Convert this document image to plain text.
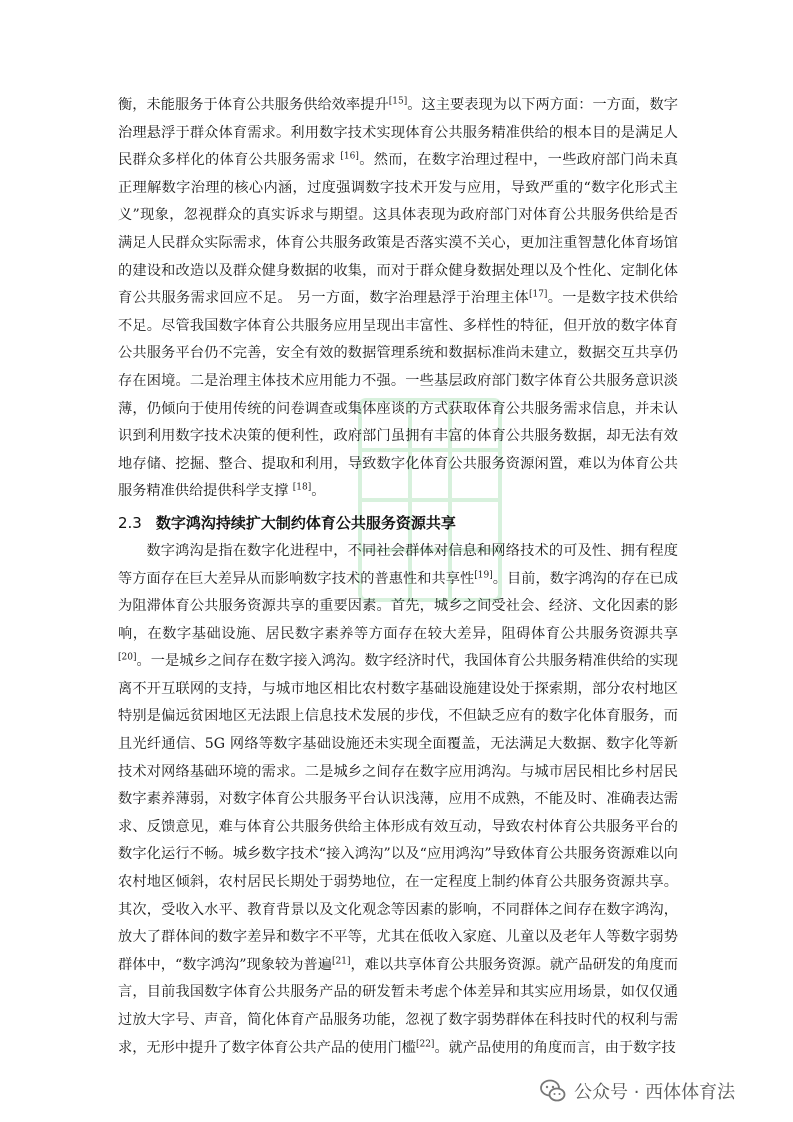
衡，未能服务于体育公共服务供给效率提升[15]。这主要表现为以下两方面：一方面，数字治理悬浮于群众体育需求。利用数字技术实现体育公共服务精准供给的根本目的是满足人民群众多样化的体育公共服务需求 [16]。然而，在数字治理过程中，一些政府部门尚未真正理解数字治理的核心内涵，过度强调数字技术开发与应用，导致严重的“数字化形式主义”现象，忽视群众的真实诉求与期望。这具体表现为政府部门对体育公共服务供给是否满足人民群众实际需求，体育公共服务政策是否落实漠不关心，更加注重智慧化体育场馆的建设和改造以及群众健身数据的收集，而对于群众健身数据处理以及个性化、定制化体育公共服务需求回应不足。 另一方面，数字治理悬浮于治理主体[17]。一是数字技术供给不足。尽管我国数字体育公共服务应用呈现出丰富性、多样性的特征，但开放的数字体育公共服务平台仍不完善，安全有效的数据管理系统和数据标准尚未建立，数据交互共享仍存在困境。二是治理主体技术应用能力不强。一些基层政府部门数字体育公共服务意识淡薄，仍倾向于使用传统的问卷调查或集体座谈的方式获取体育公共服务需求信息，并未认识到利用数字技术决策的便利性，政府部门虽拥有丰富的体育公共服务数据，却无法有效地存储、挖掘、整合、提取和利用，导致数字化体育公共服务资源闲置，难以为体育公共服务精准供给提供科学支撑 [18]。

2.3 数字鸿沟持续扩大制约体育公共服务资源共享

数字鸿沟是指在数字化进程中，不同社会群体对信息和网络技术的可及性、拥有程度等方面存在巨大差异从而影响数字技术的普惠性和共享性[19]。目前，数字鸿沟的存在已成为阻滞体育公共服务资源共享的重要因素。首先，城乡之间受社会、经济、文化因素的影响，在数字基础设施、居民数字素养等方面存在较大差异，阻碍体育公共服务资源共享[20]。一是城乡之间存在数字接入鸿沟。数字经济时代，我国体育公共服务精准供给的实现离不开互联网的支持，与城市地区相比农村数字基础设施建设处于探索期，部分农村地区特别是偏远贫困地区无法跟上信息技术发展的步伐，不但缺乏应有的数字化体育服务，而且光纤通信、5G 网络等数字基础设施还未实现全面覆盖，无法满足大数据、数字化等新技术对网络基础环境的需求。二是城乡之间存在数字应用鸿沟。与城市居民相比乡村居民数字素养薄弱，对数字体育公共服务平台认识浅薄，应用不成熟，不能及时、准确表达需求、反馈意见，难与体育公共服务供给主体形成有效互动，导致农村体育公共服务平台的数字化运行不畅。城乡数字技术“接入鸿沟”以及“应用鸿沟”导致体育公共服务资源难以向农村地区倾斜，农村居民长期处于弱势地位，在一定程度上制约体育公共服务资源共享。其次，受收入水平、教育背景以及文化观念等因素的影响，不同群体之间存在数字鸿沟，放大了群体间的数字差异和数字不平等，尤其在低收入家庭、儿童以及老年人等数字弱势群体中，“数字鸿沟”现象较为普遍[21]，难以共享体育公共服务资源。就产品研发的角度而言，目前我国数字体育公共服务产品的研发暂未考虑个体差异和其实应用场景，如仅仅通过放大字号、声音，简化体育产品服务功能，忽视了数字弱势群体在科技时代的权利与需求，无形中提升了数字体育公共产品的使用门槛[22]。就产品使用的角度而言，由于数字技

公众号 · 西体体育法
